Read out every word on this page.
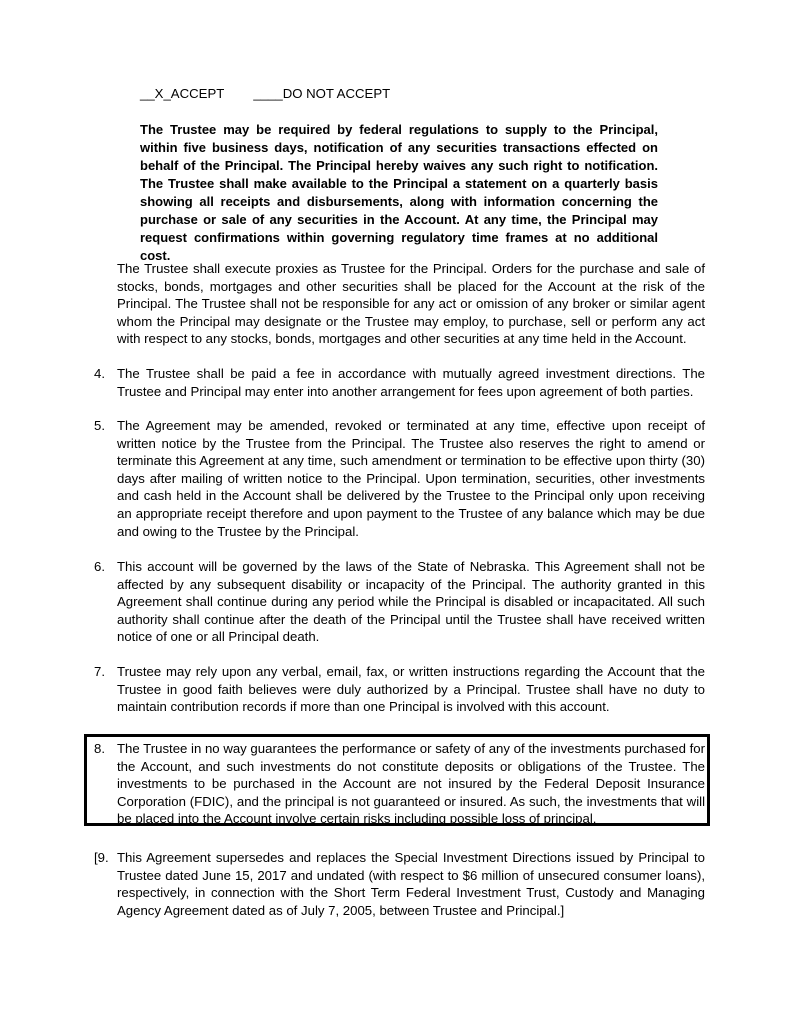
__X_ACCEPT        ____DO NOT ACCEPT
The Trustee may be required by federal regulations to supply to the Principal, within five business days, notification of any securities transactions effected on behalf of the Principal. The Principal hereby waives any such right to notification. The Trustee shall make available to the Principal a statement on a quarterly basis showing all receipts and disbursements, along with information concerning the purchase or sale of any securities in the Account. At any time, the Principal may request confirmations within governing regulatory time frames at no additional cost.
The Trustee shall execute proxies as Trustee for the Principal. Orders for the purchase and sale of stocks, bonds, mortgages and other securities shall be placed for the Account at the risk of the Principal. The Trustee shall not be responsible for any act or omission of any broker or similar agent whom the Principal may designate or the Trustee may employ, to purchase, sell or perform any act with respect to any stocks, bonds, mortgages and other securities at any time held in the Account.
4. The Trustee shall be paid a fee in accordance with mutually agreed investment directions. The Trustee and Principal may enter into another arrangement for fees upon agreement of both parties.
5. The Agreement may be amended, revoked or terminated at any time, effective upon receipt of written notice by the Trustee from the Principal. The Trustee also reserves the right to amend or terminate this Agreement at any time, such amendment or termination to be effective upon thirty (30) days after mailing of written notice to the Principal. Upon termination, securities, other investments and cash held in the Account shall be delivered by the Trustee to the Principal only upon receiving an appropriate receipt therefore and upon payment to the Trustee of any balance which may be due and owing to the Trustee by the Principal.
6. This account will be governed by the laws of the State of Nebraska. This Agreement shall not be affected by any subsequent disability or incapacity of the Principal. The authority granted in this Agreement shall continue during any period while the Principal is disabled or incapacitated. All such authority shall continue after the death of the Principal until the Trustee shall have received written notice of one or all Principal death.
7. Trustee may rely upon any verbal, email, fax, or written instructions regarding the Account that the Trustee in good faith believes were duly authorized by a Principal. Trustee shall have no duty to maintain contribution records if more than one Principal is involved with this account.
8. The Trustee in no way guarantees the performance or safety of any of the investments purchased for the Account, and such investments do not constitute deposits or obligations of the Trustee. The investments to be purchased in the Account are not insured by the Federal Deposit Insurance Corporation (FDIC), and the principal is not guaranteed or insured. As such, the investments that will be placed into the Account involve certain risks including possible loss of principal.
[9. This Agreement supersedes and replaces the Special Investment Directions issued by Principal to Trustee dated June 15, 2017 and undated (with respect to $6 million of unsecured consumer loans), respectively, in connection with the Short Term Federal Investment Trust, Custody and Managing Agency Agreement dated as of July 7, 2005, between Trustee and Principal.]
